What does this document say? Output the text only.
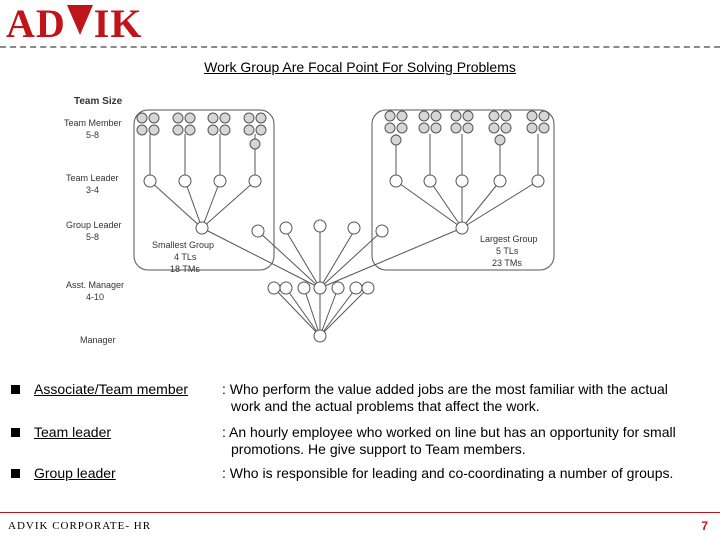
AD IK
Work Group Are Focal Point For Solving Problems
Team Size
Team Member
5-8
Team Leader
3-4
Group Leader
5-8
Asst. Manager
4-10
Manager
Smallest Group
4 TLs
18 TMs
Largest Group
5 TLs
23 TMs
Associate/Team member : Who perform the value added jobs are the most familiar with the actual
work and the actual problems that affect the work.
Team leader	: An hourly employee who worked on line but has an opportunity for small
promotions. He give support to Team members.
Group leader	: Who is responsible for leading and co-coordinating a number of groups.
ADVIK CORPORATE- HR	7
